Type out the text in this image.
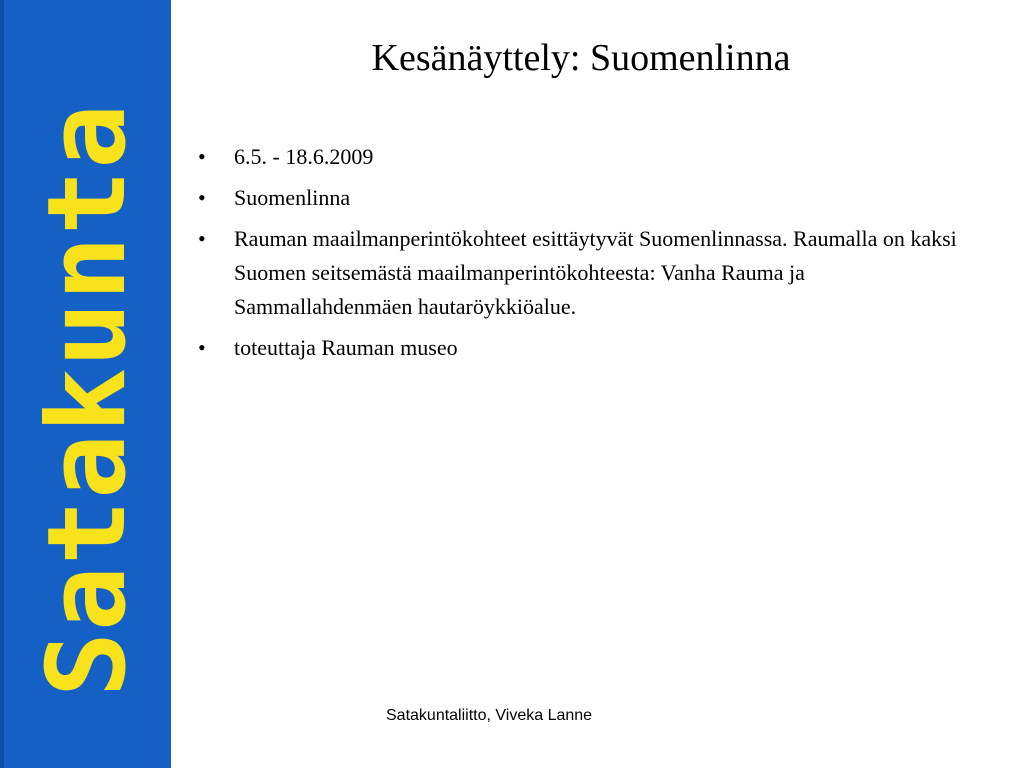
Satakunta
Kesänäyttely: Suomenlinna
• 6.5. - 18.6.2009
• Suomenlinna
• Rauman maailmanperintökohteet esittäytyvät Suomenlinnassa. Raumalla on kaksi Suomen seitsemästä maailmanperintökohteesta: Vanha Rauma ja Sammallahdenmäen hautaröykkiöalue.
• toteuttaja Rauman museo
Satakuntaliitto, Viveka Lanne
